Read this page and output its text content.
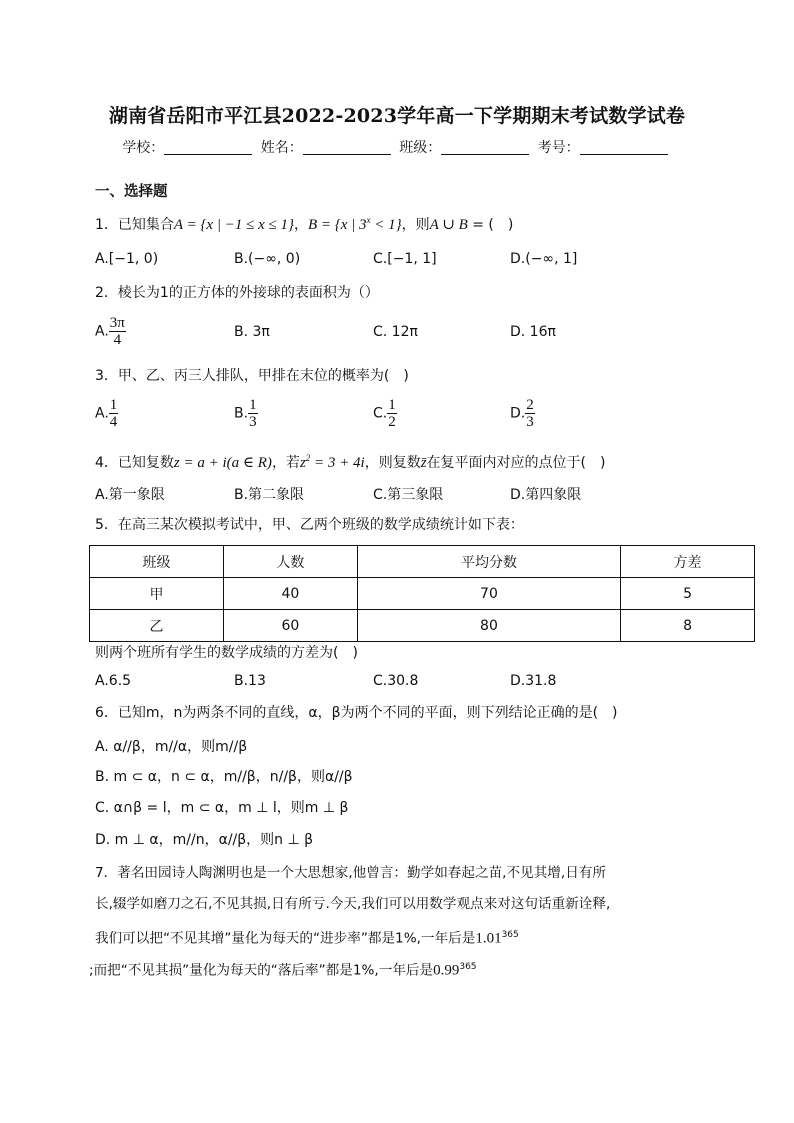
湖南省岳阳市平江县2022-2023学年高一下学期期末考试数学试卷
学校：	姓名：	班级：	考号：
一、选择题
1．已知集合A = {x | −1 ≤ x ≤ 1}，B = {x | $3^x < 1$}，则A ∪ B = (　)
A.[−1, 0)	B.(−∞, 0)	C.[−1, 1]	D.(−∞, 1]
2．棱长为1的正方体的外接球的表面积为（）
A. $\frac{3\pi}{4}$	B. 3π	C. 12π	D. 16π
3．甲、乙、丙三人排队，甲排在末位的概率为(　)
A. $\frac{1}{4}$	B. $\frac{1}{3}$	C. $\frac{1}{2}$	D. $\frac{2}{3}$
4．已知复数z = a + i(a ∈ R)，若$z^2 = 3 + 4i$，则复数z̄在复平面内对应的点位于(　)
A.第一象限	B.第二象限	C.第三象限	D.第四象限
5．在高三某次模拟考试中，甲、乙两个班级的数学成绩统计如下表：
班级	人数	平均分数	方差
甲	40	70	5
乙	60	80	8
则两个班所有学生的数学成绩的方差为(　)
A.6.5	B.13	C.30.8	D.31.8
6．已知m，n为两条不同的直线，α，β为两个不同的平面，则下列结论正确的是(　)
A. α//β，m//α，则m//β
B. m ⊂ α，n ⊂ α，m//β，n//β，则α//β
C. α∩β = l，m ⊂ α，m ⊥ l，则m ⊥ β
D. m ⊥ α，m//n，α//β，则n ⊥ β
7．著名田园诗人陶渊明也是一个大思想家,他曾言：勤学如春起之苗,不见其增,日有所
长,辍学如磨刀之石,不见其损,日有所亏.今天,我们可以用数学观点来对这句话重新诠释,
我们可以把“不见其增”量化为每天的“进步率”都是1%,一年后是1.01$^{365}$
;而把“不见其损”量化为每天的“落后率”都是1%,一年后是0.99$^{365}$
